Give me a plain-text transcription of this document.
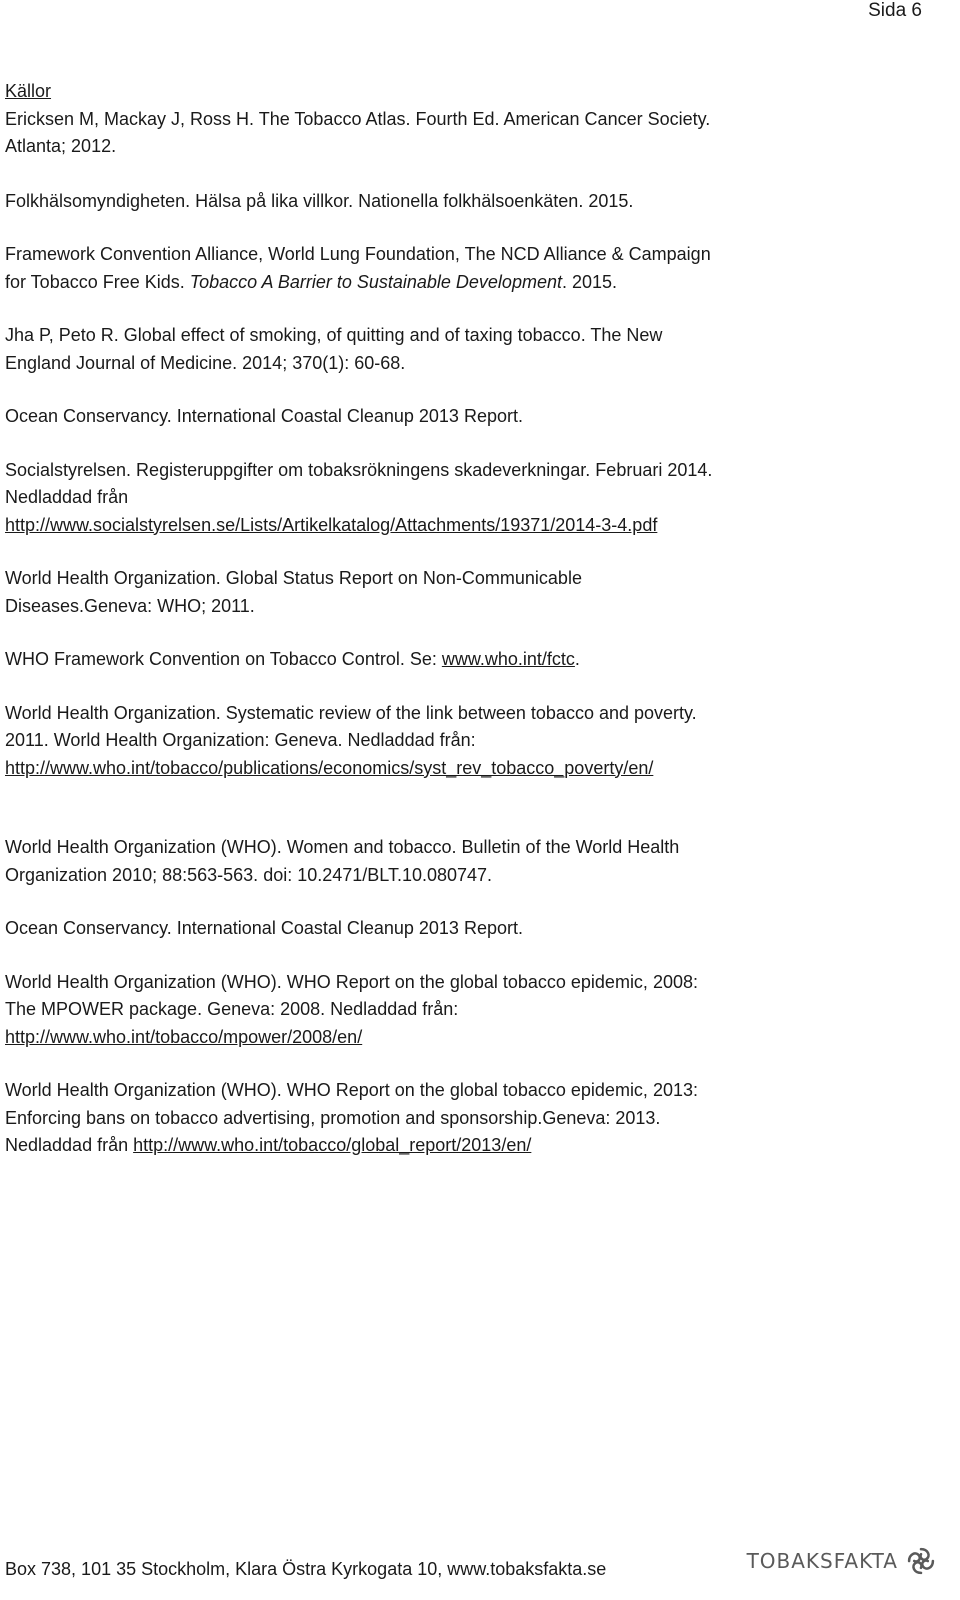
Sida 6
Källor

Ericksen M, Mackay J, Ross H. The Tobacco Atlas. Fourth Ed. American Cancer Society. Atlanta; 2012.

Folkhälsomyndigheten. Hälsa på lika villkor. Nationella folkhälsoenkäten. 2015.

Framework Convention Alliance, World Lung Foundation, The NCD Alliance & Campaign for Tobacco Free Kids. Tobacco A Barrier to Sustainable Development. 2015.

Jha P, Peto R. Global effect of smoking, of quitting and of taxing tobacco. The New England Journal of Medicine. 2014; 370(1): 60-68.

Ocean Conservancy. International Coastal Cleanup 2013 Report.

Socialstyrelsen. Registeruppgifter om tobaksrökningens skadeverkningar. Februari 2014. Nedladdad från
http://www.socialstyrelsen.se/Lists/Artikelkatalog/Attachments/19371/2014-3-4.pdf

World Health Organization. Global Status Report on Non-Communicable Diseases.Geneva: WHO; 2011.

WHO Framework Convention on Tobacco Control. Se: www.who.int/fctc.

World Health Organization. Systematic review of the link between tobacco and poverty. 2011. World Health Organization: Geneva. Nedladdad från:
http://www.who.int/tobacco/publications/economics/syst_rev_tobacco_poverty/en/

World Health Organization (WHO). Women and tobacco. Bulletin of the World Health Organization 2010; 88:563-563. doi: 10.2471/BLT.10.080747.

Ocean Conservancy. International Coastal Cleanup 2013 Report.

World Health Organization (WHO). WHO Report on the global tobacco epidemic, 2008: The MPOWER package. Geneva: 2008. Nedladdad från:
http://www.who.int/tobacco/mpower/2008/en/

World Health Organization (WHO). WHO Report on the global tobacco epidemic, 2013: Enforcing bans on tobacco advertising, promotion and sponsorship.Geneva: 2013. Nedladdad från http://www.who.int/tobacco/global_report/2013/en/

Box 738, 101 35 Stockholm, Klara Östra Kyrkogata 10, www.tobaksfakta.se	TOBAKSFAKTA
